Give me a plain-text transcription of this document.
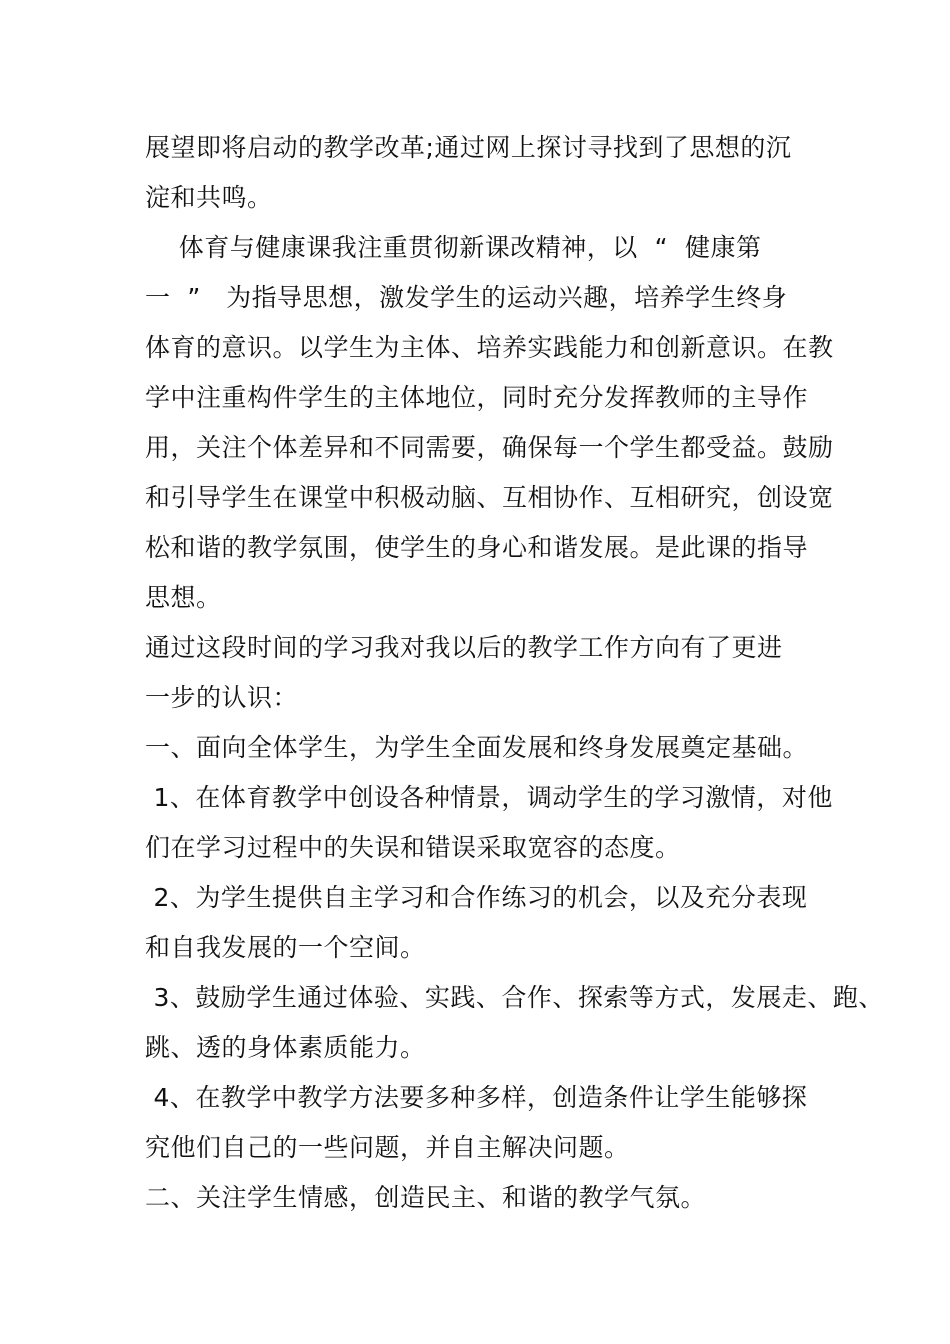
展望即将启动的教学改革;通过网上探讨寻找到了思想的沉
淀和共鸣。
体育与健康课我注重贯彻新课改精神，以  “  健康第
一  ”   为指导思想，激发学生的运动兴趣，培养学生终身
体育的意识。以学生为主体、培养实践能力和创新意识。在教
学中注重构件学生的主体地位，同时充分发挥教师的主导作
用，关注个体差异和不同需要，确保每一个学生都受益。鼓励
和引导学生在课堂中积极动脑、互相协作、互相研究，创设宽
松和谐的教学氛围，使学生的身心和谐发展。是此课的指导
思想。
通过这段时间的学习我对我以后的教学工作方向有了更进
一步的认识：
一、面向全体学生，为学生全面发展和终身发展奠定基础。
1、在体育教学中创设各种情景，调动学生的学习激情，对他
们在学习过程中的失误和错误采取宽容的态度。
2、为学生提供自主学习和合作练习的机会，以及充分表现
和自我发展的一个空间。
3、鼓励学生通过体验、实践、合作、探索等方式，发展走、跑、
跳、透的身体素质能力。
4、在教学中教学方法要多种多样，创造条件让学生能够探
究他们自己的一些问题，并自主解决问题。
二、关注学生情感，创造民主、和谐的教学气氛。
